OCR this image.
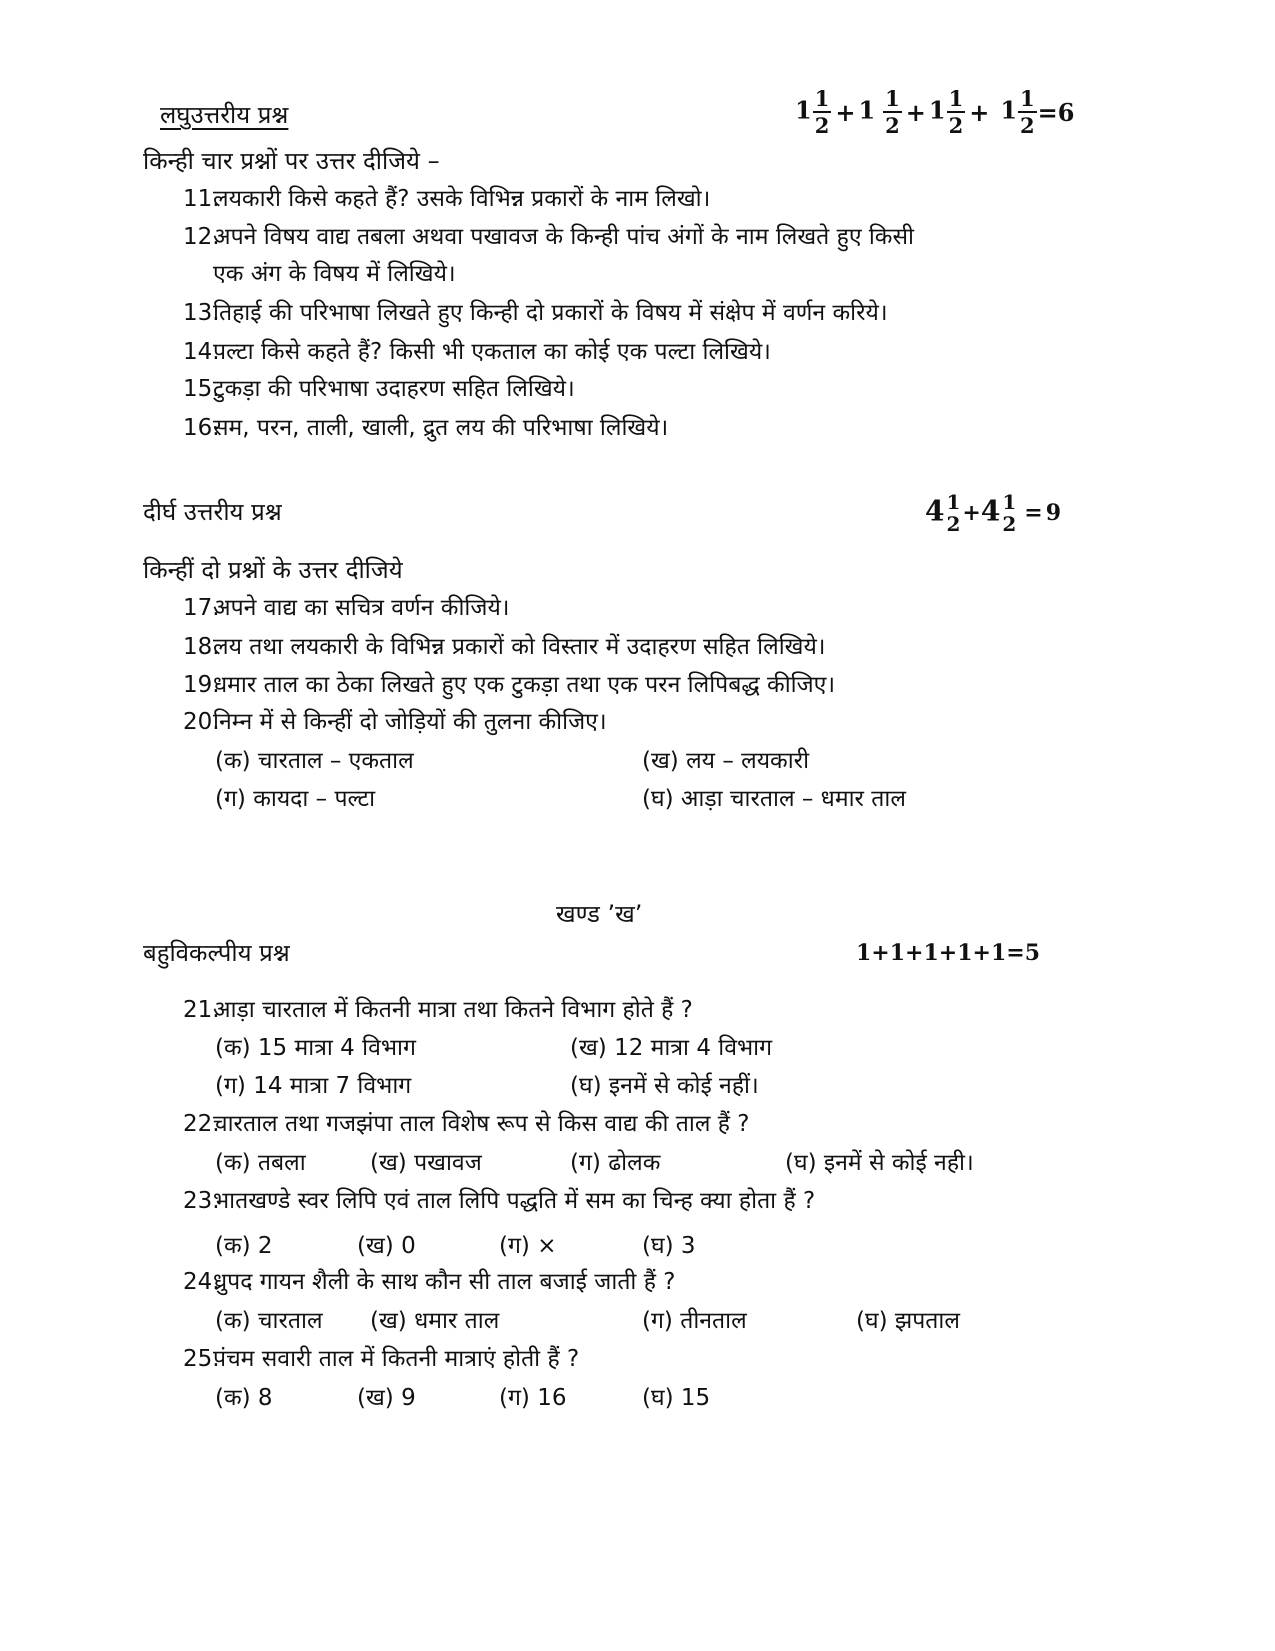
लघुउत्तरीय प्रश्न	$1 \frac{1}{2} + 1 \frac{1}{2} + 1 \frac{1}{2} + 1 \frac{1}{2} =6$
किन्ही चार प्रश्नों पर उत्तर दीजिये –
11.लयकारी किसे कहते हैं? उसके विभिन्न प्रकारों के नाम लिखो।
12.अपने विषय वाद्य तबला अथवा पखावज के किन्ही पांच अंगों के नाम लिखते हुए किसी
एक अंग के विषय में लिखिये।
13.तिहाई की परिभाषा लिखते हुए किन्ही दो प्रकारों के विषय में संक्षेप में वर्णन करिये।
14.पल्टा किसे कहते हैं? किसी भी एकताल का कोई एक पल्टा लिखिये।
15.टुकड़ा की परिभाषा उदाहरण सहित लिखिये।
16.सम, परन, ताली, खाली, द्रुत लय की परिभाषा लिखिये।
दीर्घ उत्तरीय प्रश्न	4 1
2 +4 1
2 = 9
किन्हीं दो प्रश्नों के उत्तर दीजिये
17.अपने वाद्य का सचित्र वर्णन कीजिये।
18.लय तथा लयकारी के विभिन्न प्रकारों को विस्तार में उदाहरण सहित लिखिये।
19.धमार ताल का ठेका लिखते हुए एक टुकड़ा तथा एक परन लिपिबद्ध कीजिए।
20.निम्न में से किन्हीं दो जोड़ियों की तुलना कीजिए।
(क) चारताल – एकताल	(ख) लय – लयकारी
(ग) कायदा – पल्टा	(घ) आड़ा चारताल – धमार ताल
खण्ड ’ख’
बहुविकल्पीय प्रश्न	1+1+1+1+1=5
21.आड़ा चारताल में कितनी मात्रा तथा कितने विभाग होते हैं ?
(क) 15 मात्रा 4 विभाग	(ख) 12 मात्रा 4 विभाग
(ग) 14 मात्रा 7 विभाग	(घ) इनमें से कोई नहीं।
22.चारताल तथा गजझंपा ताल विशेष रूप से किस वाद्य की ताल हैं ?
(क) तबला	(ख) पखावज	(ग) ढोलक	(घ) इनमें से कोई नही।
23.भातखण्डे स्वर लिपि एवं ताल लिपि पद्धति में सम का चिन्ह क्या होता हैं ?
(क) 2	(ख) 0	(ग) ×	(घ) 3
24.ध्रुपद गायन शैली के साथ कौन सी ताल बजाई जाती हैं ?
(क) चारताल (ख) धमार ताल	(ग) तीनताल	(घ) झपताल
25.पंचम सवारी ताल में कितनी मात्राएं होती हैं ?
(क) 8	(ख) 9	(ग) 16	(घ) 15
